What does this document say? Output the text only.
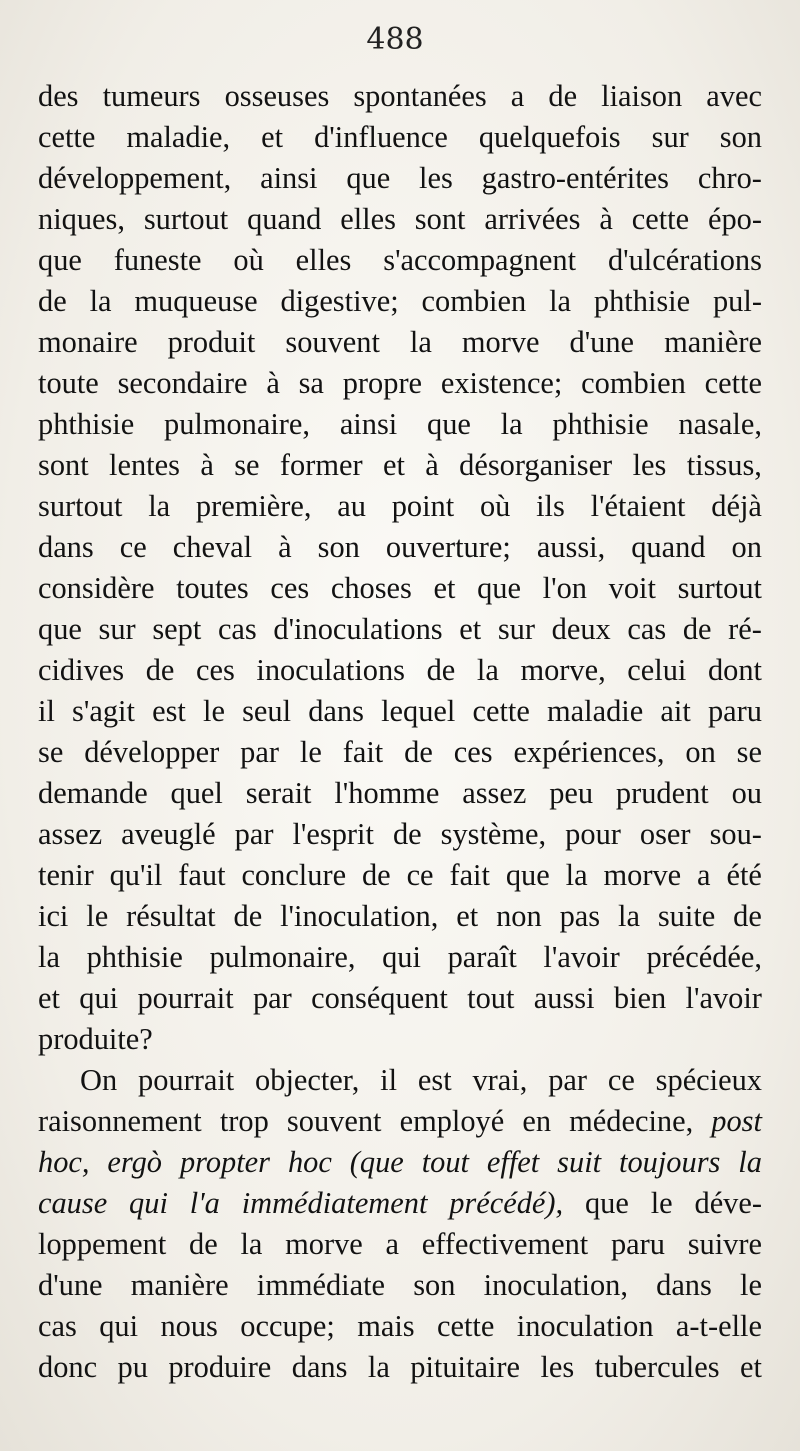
488
des tumeurs osseuses spontanées a de liaison avec
cette maladie, et d'influence quelquefois sur son
développement, ainsi que les gastro-entérites chro-
niques, surtout quand elles sont arrivées à cette épo-
que funeste où elles s'accompagnent d'ulcérations
de la muqueuse digestive; combien la phthisie pul-
monaire produit souvent la morve d'une manière
toute secondaire à sa propre existence; combien cette
phthisie pulmonaire, ainsi que la phthisie nasale,
sont lentes à se former et à désorganiser les tissus,
surtout la première, au point où ils l'étaient déjà
dans ce cheval à son ouverture; aussi, quand on
considère toutes ces choses et que l'on voit surtout
que sur sept cas d'inoculations et sur deux cas de ré-
cidives de ces inoculations de la morve, celui dont
il s'agit est le seul dans lequel cette maladie ait paru
se développer par le fait de ces expériences, on se
demande quel serait l'homme assez peu prudent ou
assez aveuglé par l'esprit de système, pour oser sou-
tenir qu'il faut conclure de ce fait que la morve a été
ici le résultat de l'inoculation, et non pas la suite de
la phthisie pulmonaire, qui paraît l'avoir précédée,
et qui pourrait par conséquent tout aussi bien l'avoir
produite?
On pourrait objecter, il est vrai, par ce spécieux
raisonnement trop souvent employé en médecine, post
hoc, ergò propter hoc (que tout effet suit toujours la
cause qui l'a immédiatement précédé), que le déve-
loppement de la morve a effectivement paru suivre
d'une manière immédiate son inoculation, dans le
cas qui nous occupe; mais cette inoculation a-t-elle
donc pu produire dans la pituitaire les tubercules et
